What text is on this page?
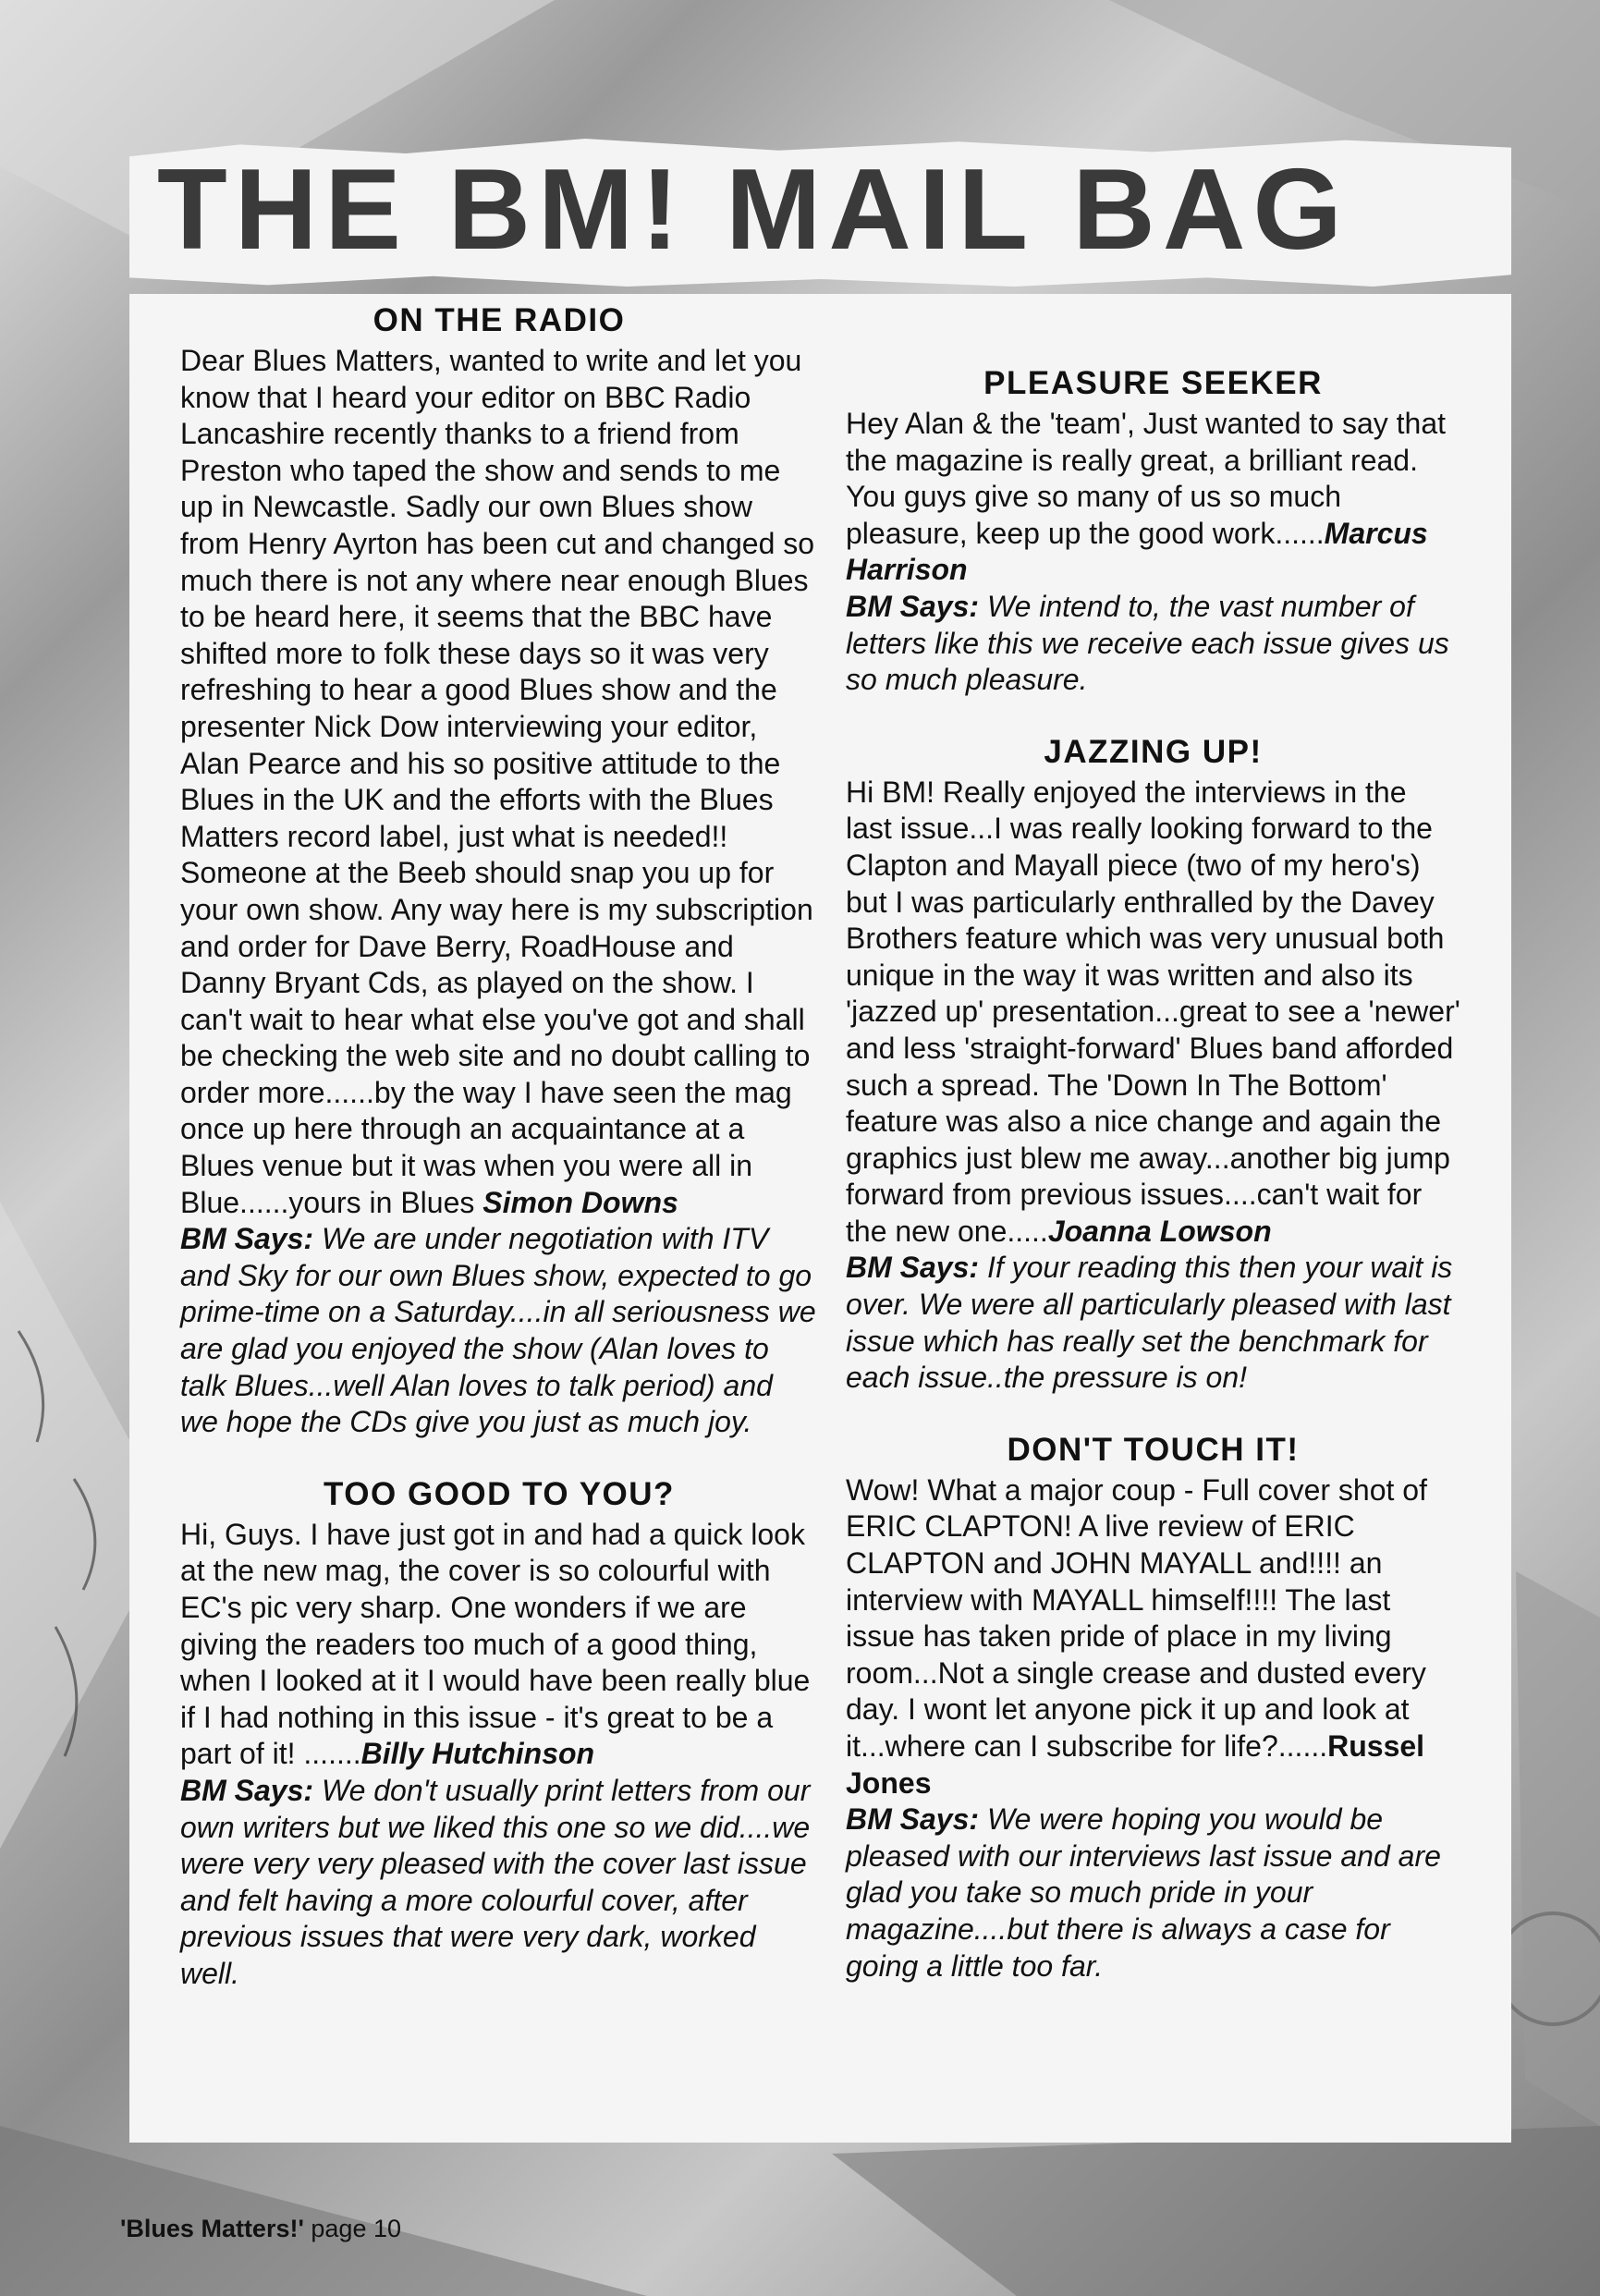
THE BM! MAIL BAG
ON THE RADIO

Dear Blues Matters, wanted to write and let you know that I heard your editor on BBC Radio Lancashire recently thanks to a friend from Preston who taped the show and sends to me up in Newcastle. Sadly our own Blues show from Henry Ayrton has been cut and changed so much there is not any where near enough Blues to be heard here, it seems that the BBC have shifted more to folk these days so it was very refreshing to hear a good Blues show and the presenter Nick Dow interviewing your editor, Alan Pearce and his so positive attitude to the Blues in the UK and the efforts with the Blues Matters record label, just what is needed!! Someone at the Beeb should snap you up for your own show. Any way here is my subscription and order for Dave Berry, RoadHouse and Danny Bryant Cds, as played on the show. I can't wait to hear what else you've got and shall be checking the web site and no doubt calling to order more......by the way I have seen the mag once up here through an acquaintance at a Blues venue but it was when you were all in Blue......yours in Blues Simon Downs

BM Says: We are under negotiation with ITV and Sky for our own Blues show, expected to go prime-time on a Saturday....in all seriousness we are glad you enjoyed the show (Alan loves to talk Blues...well Alan loves to talk period) and we hope the CDs give you just as much joy.

TOO GOOD TO YOU?

Hi, Guys. I have just got in and had a quick look at the new mag, the cover is so colourful with EC's pic very sharp. One wonders if we are giving the readers too much of a good thing, when I looked at it I would have been really blue if I had nothing in this issue - it's great to be a part of it! .......Billy Hutchinson

BM Says: We don't usually print letters from our own writers but we liked this one so we did....we were very very pleased with the cover last issue and felt having a more colourful cover, after previous issues that were very dark, worked well.

PLEASURE SEEKER

Hey Alan & the 'team', Just wanted to say that the magazine is really great, a brilliant read. You guys give so many of us so much pleasure, keep up the good work......Marcus Harrison

BM Says: We intend to, the vast number of letters like this we receive each issue gives us so much pleasure.

JAZZING UP!

Hi BM! Really enjoyed the interviews in the last issue...I was really looking forward to the Clapton and Mayall piece (two of my hero's) but I was particularly enthralled by the Davey Brothers feature which was very unusual both unique in the way it was written and also its 'jazzed up' presentation...great to see a 'newer' and less 'straight-forward' Blues band afforded such a spread. The 'Down In The Bottom' feature was also a nice change and again the graphics just blew me away...another big jump forward from previous issues....can't wait for the new one.....Joanna Lowson

BM Says: If your reading this then your wait is over. We were all particularly pleased with last issue which has really set the benchmark for each issue..the pressure is on!

DON'T TOUCH IT!

Wow! What a major coup - Full cover shot of ERIC CLAPTON! A live review of ERIC CLAPTON and JOHN MAYALL and!!!! an interview with MAYALL himself!!!! The last issue has taken pride of place in my living room...Not a single crease and dusted every day. I wont let anyone pick it up and look at it...where can I subscribe for life?......Russel Jones

BM Says: We were hoping you would be pleased with our interviews last issue and are glad you take so much pride in your magazine....but there is always a case for going a little too far.

'Blues Matters!' page 10
